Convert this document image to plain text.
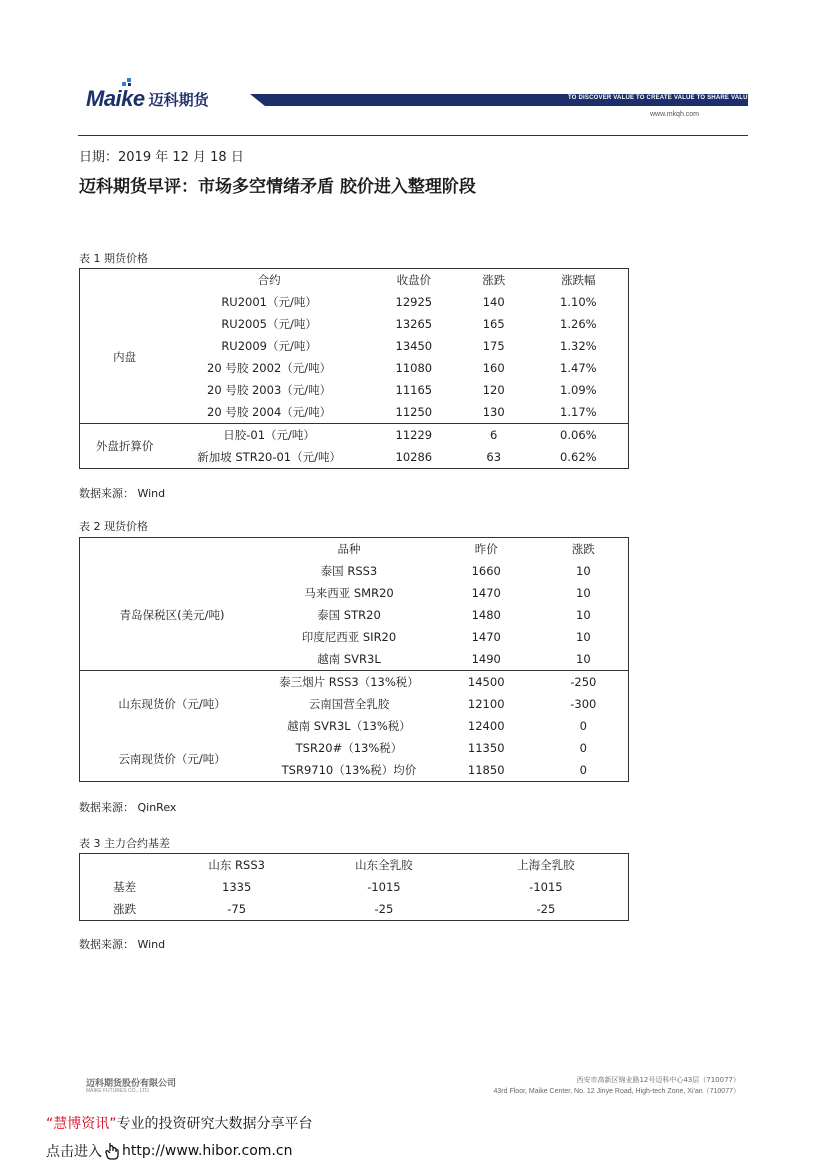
Maike 迈科期货	TO DISCOVER VALUE TO CREATE VALUE TO SHARE VALUE
www.mkqh.com
日期：2019 年 12 月 18 日
迈科期货早评：市场多空情绪矛盾 胶价进入整理阶段
表 1 期货价格
	合约	收盘价	涨跌	涨跌幅
内盘	RU2001（元/吨）	12925	140	1.10%
	RU2005（元/吨）	13265	165	1.26%
	RU2009（元/吨）	13450	175	1.32%
	20 号胶 2002（元/吨）	11080	160	1.47%
	20 号胶 2003（元/吨）	11165	120	1.09%
	20 号胶 2004（元/吨）	11250	130	1.17%
外盘折算价	日胶-01（元/吨）	11229	6	0.06%
	新加坡 STR20-01（元/吨）	10286	63	0.62%
数据来源： Wind
表 2 现货价格
	品种	昨价	涨跌
青岛保税区(美元/吨)	泰国 RSS3	1660	10
	马来西亚 SMR20	1470	10
	泰国 STR20	1480	10
	印度尼西亚 SIR20	1470	10
	越南 SVR3L	1490	10
山东现货价（元/吨）	泰三烟片 RSS3（13%税）	14500	-250
	云南国营全乳胶	12100	-300
	越南 SVR3L（13%税）	12400	0
云南现货价（元/吨）	TSR20#（13%税）	11350	0
	TSR9710（13%税）均价	11850	0
数据来源： QinRex
表 3 主力合约基差
	山东 RSS3	山东全乳胶	上海全乳胶
基差	1335	-1015	-1015
涨跌	-75	-25	-25
数据来源： Wind
迈科期货股份有限公司
MAIKE FUTURES CO., LTD.
西安市高新区锦业路12号迈科中心43层（710077）
43rd Floor, Maike Center, No. 12 Jinye Road, High-tech Zone, Xi'an（710077）
“慧博资讯”专业的投资研究大数据分享平台
点击进入 http://www.hibor.com.cn
